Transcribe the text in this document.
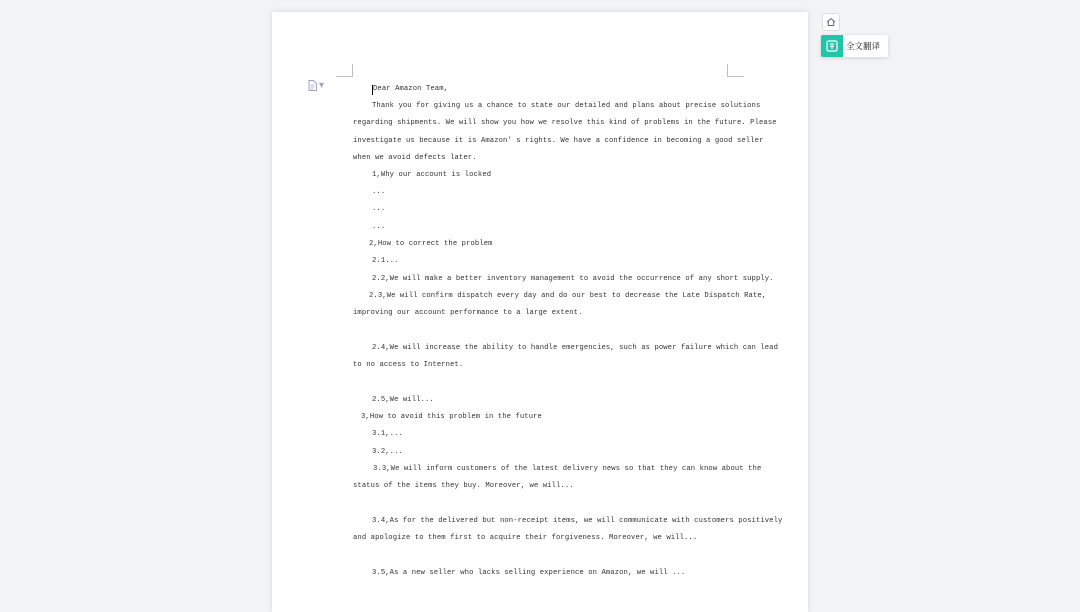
▾	Dear Amazon Team,
Thank you for giving us a chance to state our detailed and plans about precise solutions
regarding shipments. We will show you how we resolve this kind of problems in the future. Please
investigate us because it is Amazon’ s rights. We have a confidence in becoming a good seller
when we avoid defects later.
1,Why our account is locked
...
...
...
2,How to correct the problem
2.1...
2.2,We will make a better inventory management to avoid the occurrence of any short supply.
2.3,We will confirm dispatch every day and do our best to decrease the Late Dispatch Rate,
improving our account performance to a large extent.
2.4,We will increase the ability to handle emergencies, such as power failure which can lead
to no access to Internet.
2.5,We will...
3,How to avoid this problem in the future
3.1,...
3.2,...
3.3,We will inform customers of the latest delivery news so that they can know about the
status of the items they buy. Moreover, we will...
3.4,As for the delivered but non-receipt items, we will communicate with customers positively
and apologize to them first to acquire their forgiveness. Moreover, we will...
3.5,As a new seller who lacks selling experience on Amazon, we will ...
全文翻译
